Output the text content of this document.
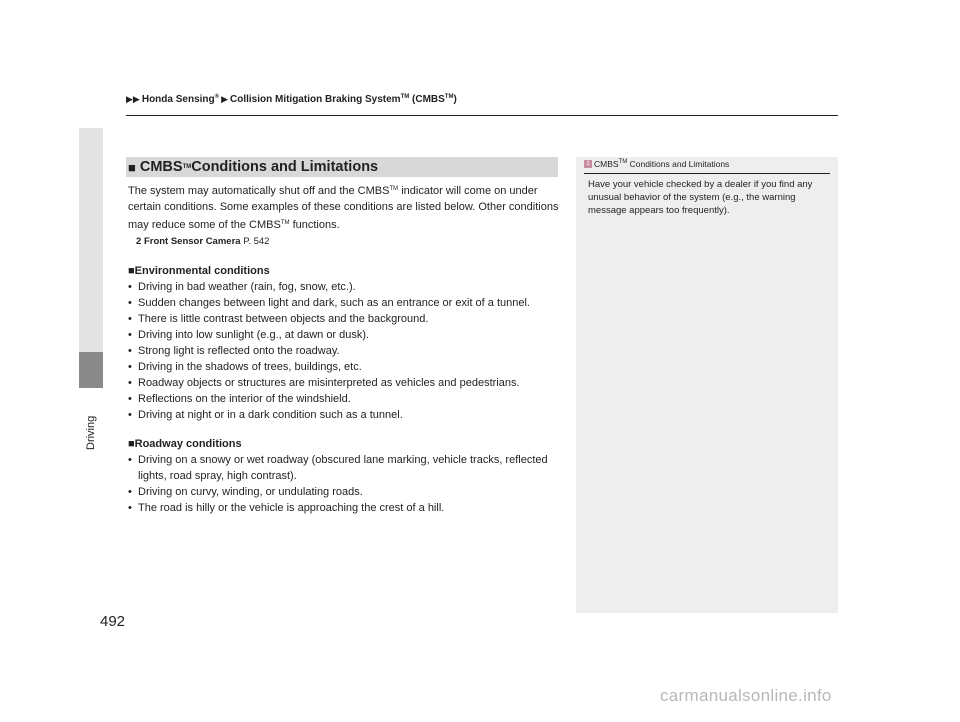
Driving
▶▶ Honda Sensing® ▶ Collision Mitigation Braking System™ (CMBS™)
■ CMBS TM Conditions and Limitations

The system may automatically shut off and the CMBS™ indicator will come on under certain conditions. Some examples of these conditions are listed below. Other conditions may reduce some of the CMBS™ functions.

2 Front Sensor Camera P. 542
■Environmental conditions
• Driving in bad weather (rain, fog, snow, etc.).
• Sudden changes between light and dark, such as an entrance or exit of a tunnel.
• There is little contrast between objects and the background.
• Driving into low sunlight (e.g., at dawn or dusk).
• Strong light is reflected onto the roadway.
• Driving in the shadows of trees, buildings, etc.
• Roadway objects or structures are misinterpreted as vehicles and pedestrians.
• Reflections on the interior of the windshield.
• Driving at night or in a dark condition such as a tunnel.
■Roadway conditions
• Driving on a snowy or wet roadway (obscured lane marking, vehicle tracks, reflected lights, road spray, high contrast).
• Driving on curvy, winding, or undulating roads.
• The road is hilly or the vehicle is approaching the crest of a hill.
1 CMBS™ Conditions and Limitations
Have your vehicle checked by a dealer if you find any unusual behavior of the system (e.g., the warning message appears too frequently).
492
carmanualsonline.info
